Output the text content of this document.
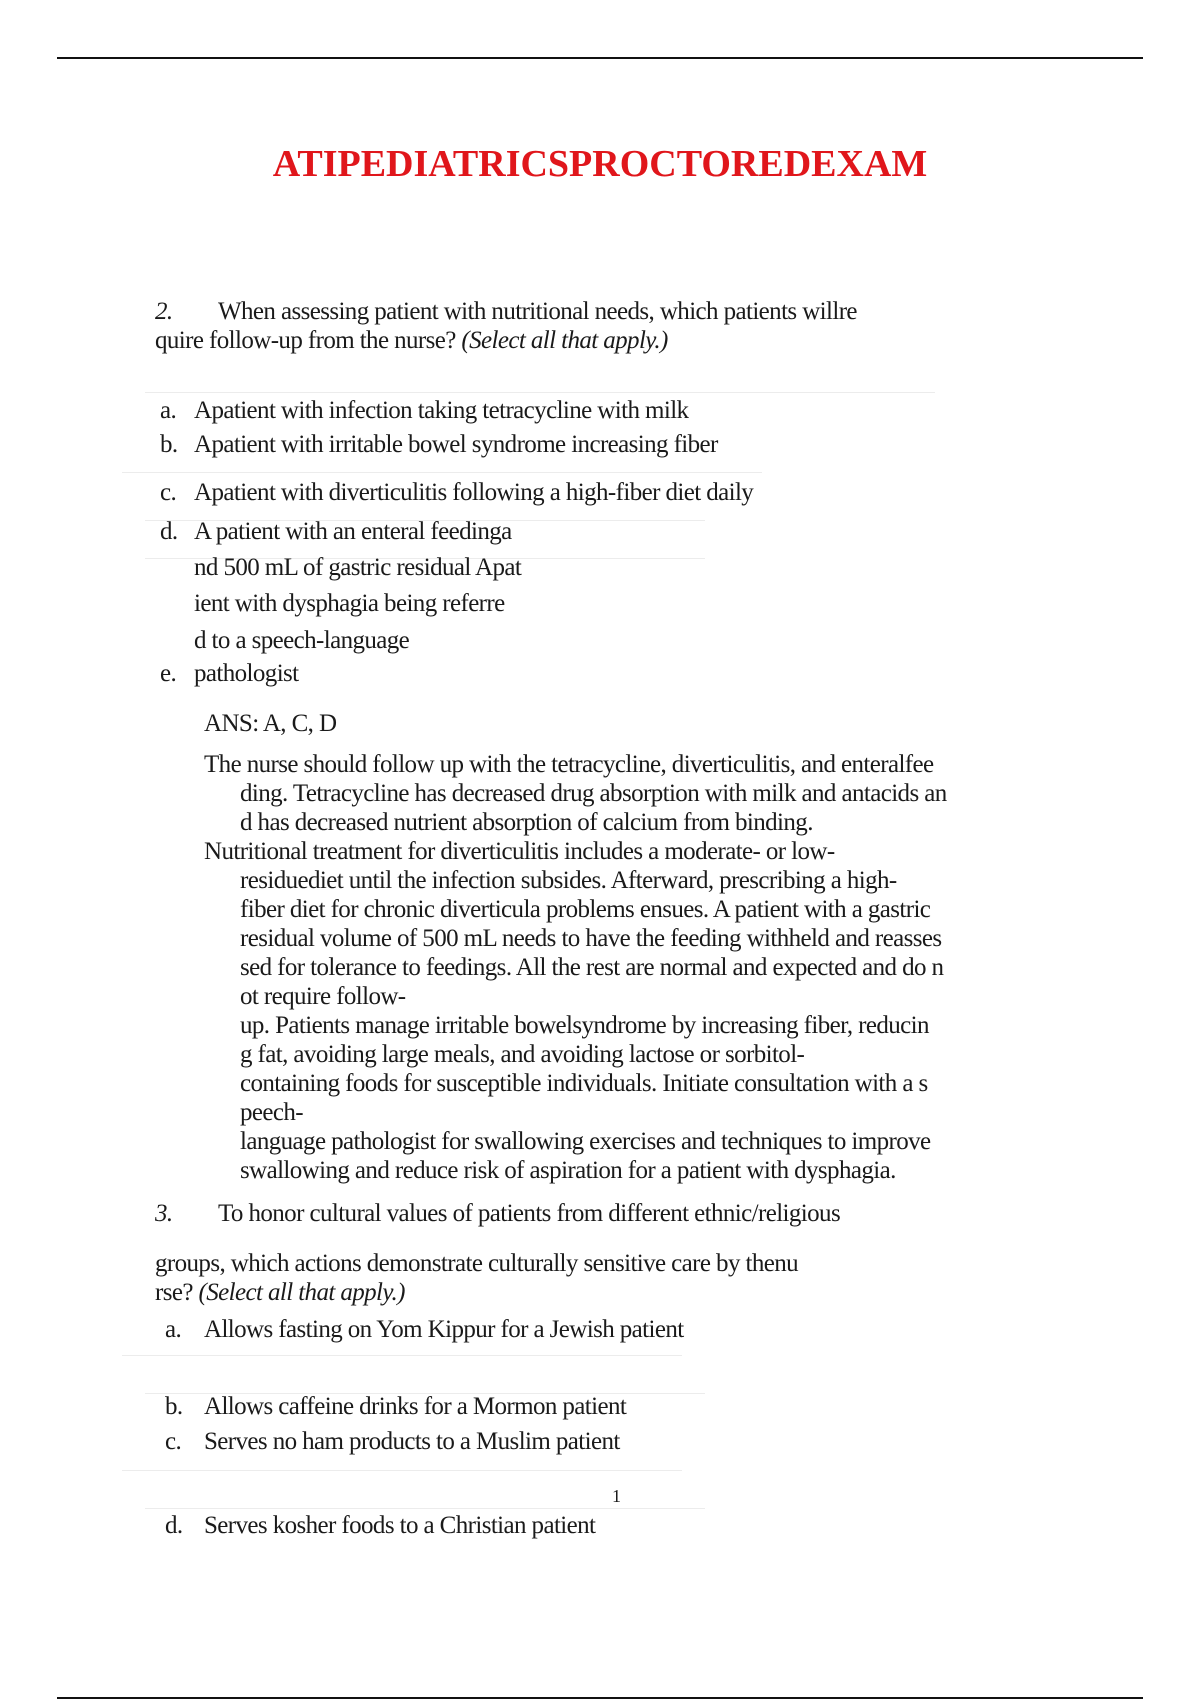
ATIPEDIATRICSPROCTOREDEXAM
2. When assessing patient with nutritional needs, which patients willre
quire follow-up from the nurse? (Select all that apply.)
a. Apatient with infection taking tetracycline with milk
b. Apatient with irritable bowel syndrome increasing fiber
c. Apatient with diverticulitis following a high-fiber diet daily
d. A patient with an enteral feedinga
nd 500 mL of gastric residual Apat
ient with dysphagia being referre
d to a speech-language
e. pathologist
ANS: A, C, D
The nurse should follow up with the tetracycline, diverticulitis, and enteralfee
ding. Tetracycline has decreased drug absorption with milk and antacids an
d has decreased nutrient absorption of calcium from binding.
Nutritional treatment for diverticulitis includes a moderate- or low-
residuediet until the infection subsides. Afterward, prescribing a high-
fiber diet for chronic diverticula problems ensues. A patient with a gastric
residual volume of 500 mL needs to have the feeding withheld and reasses
sed for tolerance to feedings. All the rest are normal and expected and do n
ot require follow-
up. Patients manage irritable bowelsyndrome by increasing fiber, reducin
g fat, avoiding large meals, and avoiding lactose or sorbitol-
containing foods for susceptible individuals. Initiate consultation with a s
peech-
language pathologist for swallowing exercises and techniques to improve
swallowing and reduce risk of aspiration for a patient with dysphagia.
3. To honor cultural values of patients from different ethnic/religious
groups, which actions demonstrate culturally sensitive care by thenu
rse? (Select all that apply.)
a. Allows fasting on Yom Kippur for a Jewish patient
b. Allows caffeine drinks for a Mormon patient
c. Serves no ham products to a Muslim patient
1
d. Serves kosher foods to a Christian patient
